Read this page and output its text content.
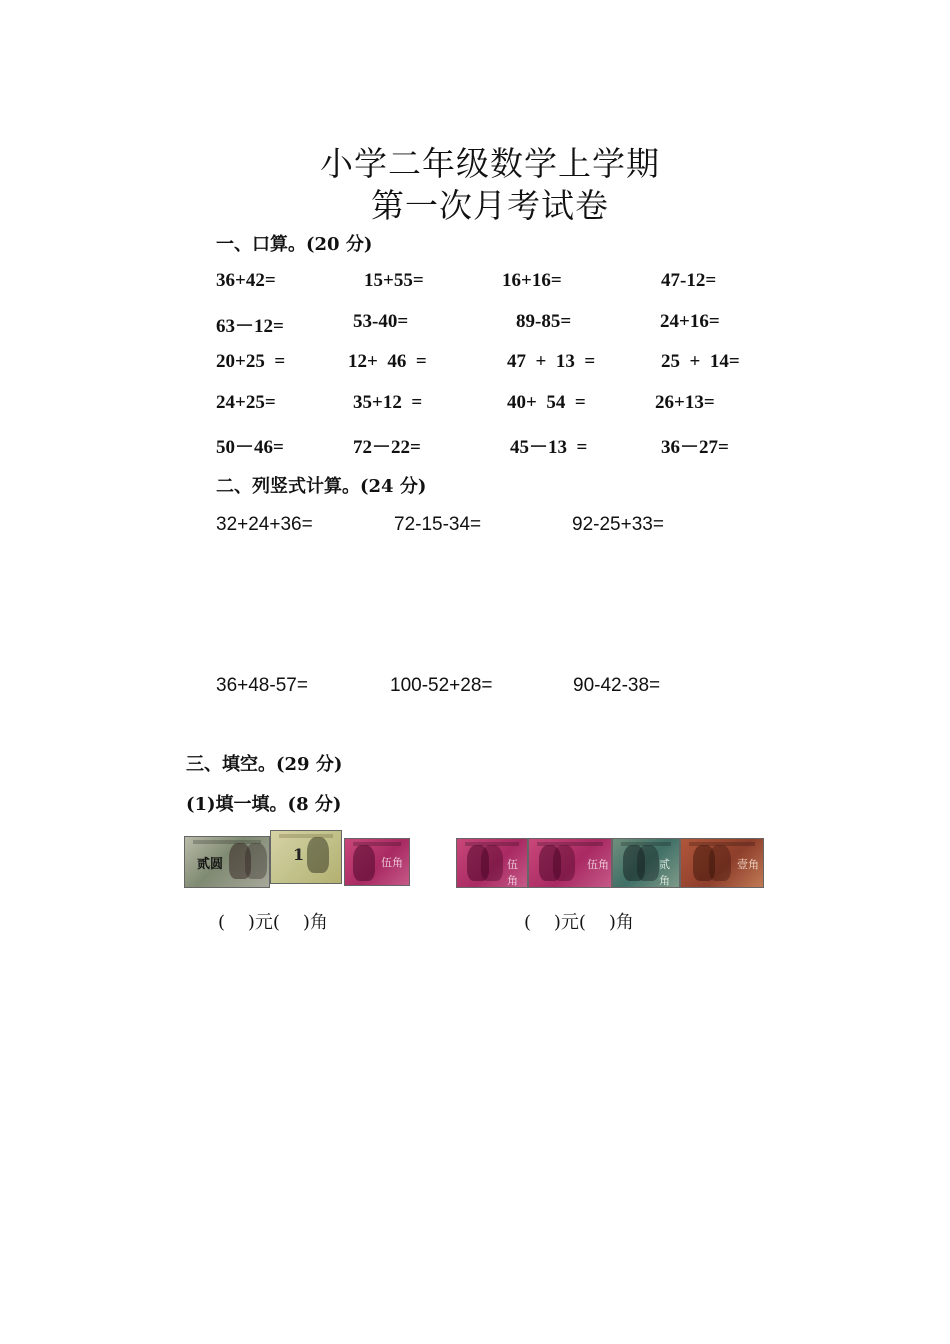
小学二年级数学上学期
第一次月考试卷
一、口算。(20 分)
36+42=	15+55=	16+16=	47-12=
63－12=	53-40=	89-85=	24+16=
20+25  =	12+  46  =	47  +  13  =	25  +  14=
24+25=	35+12  =	40+  54  =	26+13=
50－46=	72－22=	45－13  =	36－27=
二、列竖式计算。(24 分)
32+24+36=	72-15-34=	92-25+33=
36+48-57=	100-52+28=	90-42-38=
三、填空。(29 分)
(1)填一填。(8 分)
贰圆
1	伍角	伍角
伍角	贰角
壹角
(    )元(    )角	(    )元(    )角
